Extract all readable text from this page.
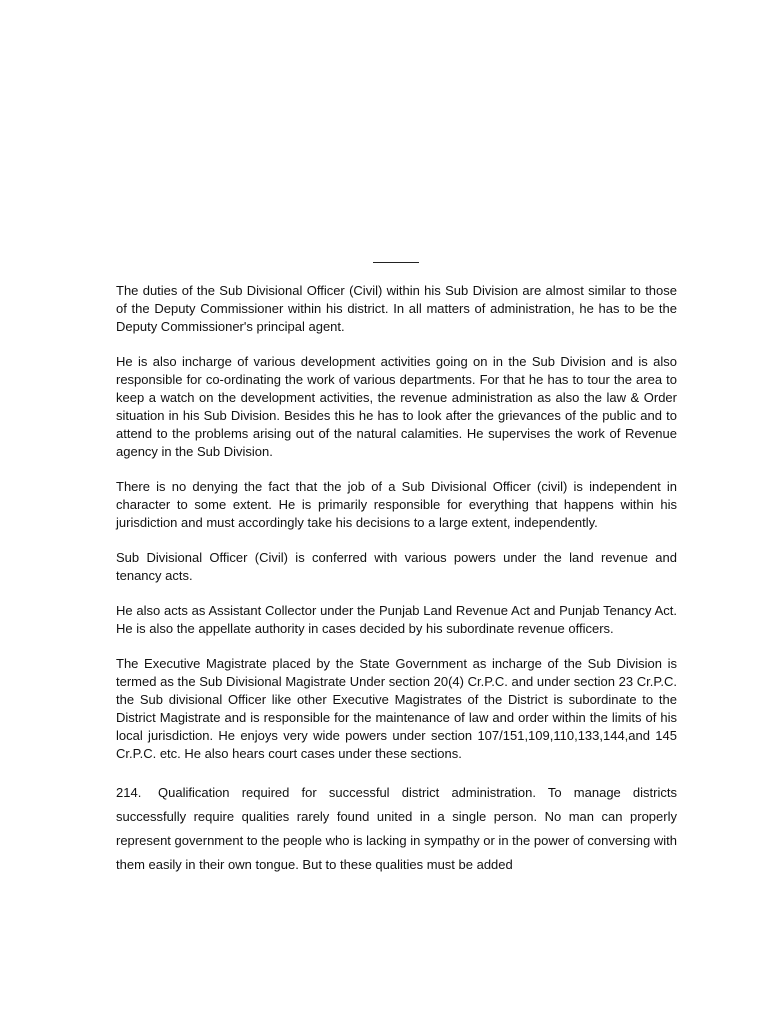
The duties of the Sub Divisional Officer (Civil) within his Sub Division are almost similar to those of the Deputy Commissioner within his district. In all matters of administration, he has to be the Deputy Commissioner's principal agent.

He is also incharge of various development activities going on in the Sub Division and is also responsible for co-ordinating the work of various departments. For that he has to tour the area to keep a watch on the development activities, the revenue administration as also the law & Order situation in his Sub Division. Besides this he has to look after the grievances of the public and to attend to the problems arising out of the natural calamities. He supervises the work of Revenue agency in the Sub Division.

There is no denying the fact that the job of a Sub Divisional Officer (civil) is independent in character to some extent. He is primarily responsible for everything that happens within his jurisdiction and must accordingly take his decisions to a large extent, independently.

Sub Divisional Officer (Civil) is conferred with various powers under the land revenue and tenancy acts.

He also acts as Assistant Collector under the Punjab Land Revenue Act and Punjab Tenancy Act. He is also the appellate authority in cases decided by his subordinate revenue officers.

The Executive Magistrate placed by the State Government as incharge of the Sub Division is termed as the Sub Divisional Magistrate Under section 20(4) Cr.P.C. and under section 23 Cr.P.C. the Sub divisional Officer like other Executive Magistrates of the District is subordinate to the District Magistrate and is responsible for the maintenance of law and order within the limits of his local jurisdiction. He enjoys very wide powers under section 107/151,109,110,133,144,and 145 Cr.P.C. etc. He also hears court cases under these sections.

214. Qualification required for successful district administration. To manage districts successfully require qualities rarely found united in a single person. No man can properly represent government to the people who is lacking in sympathy or in the power of conversing with them easily in their own tongue. But to these qualities must be added
